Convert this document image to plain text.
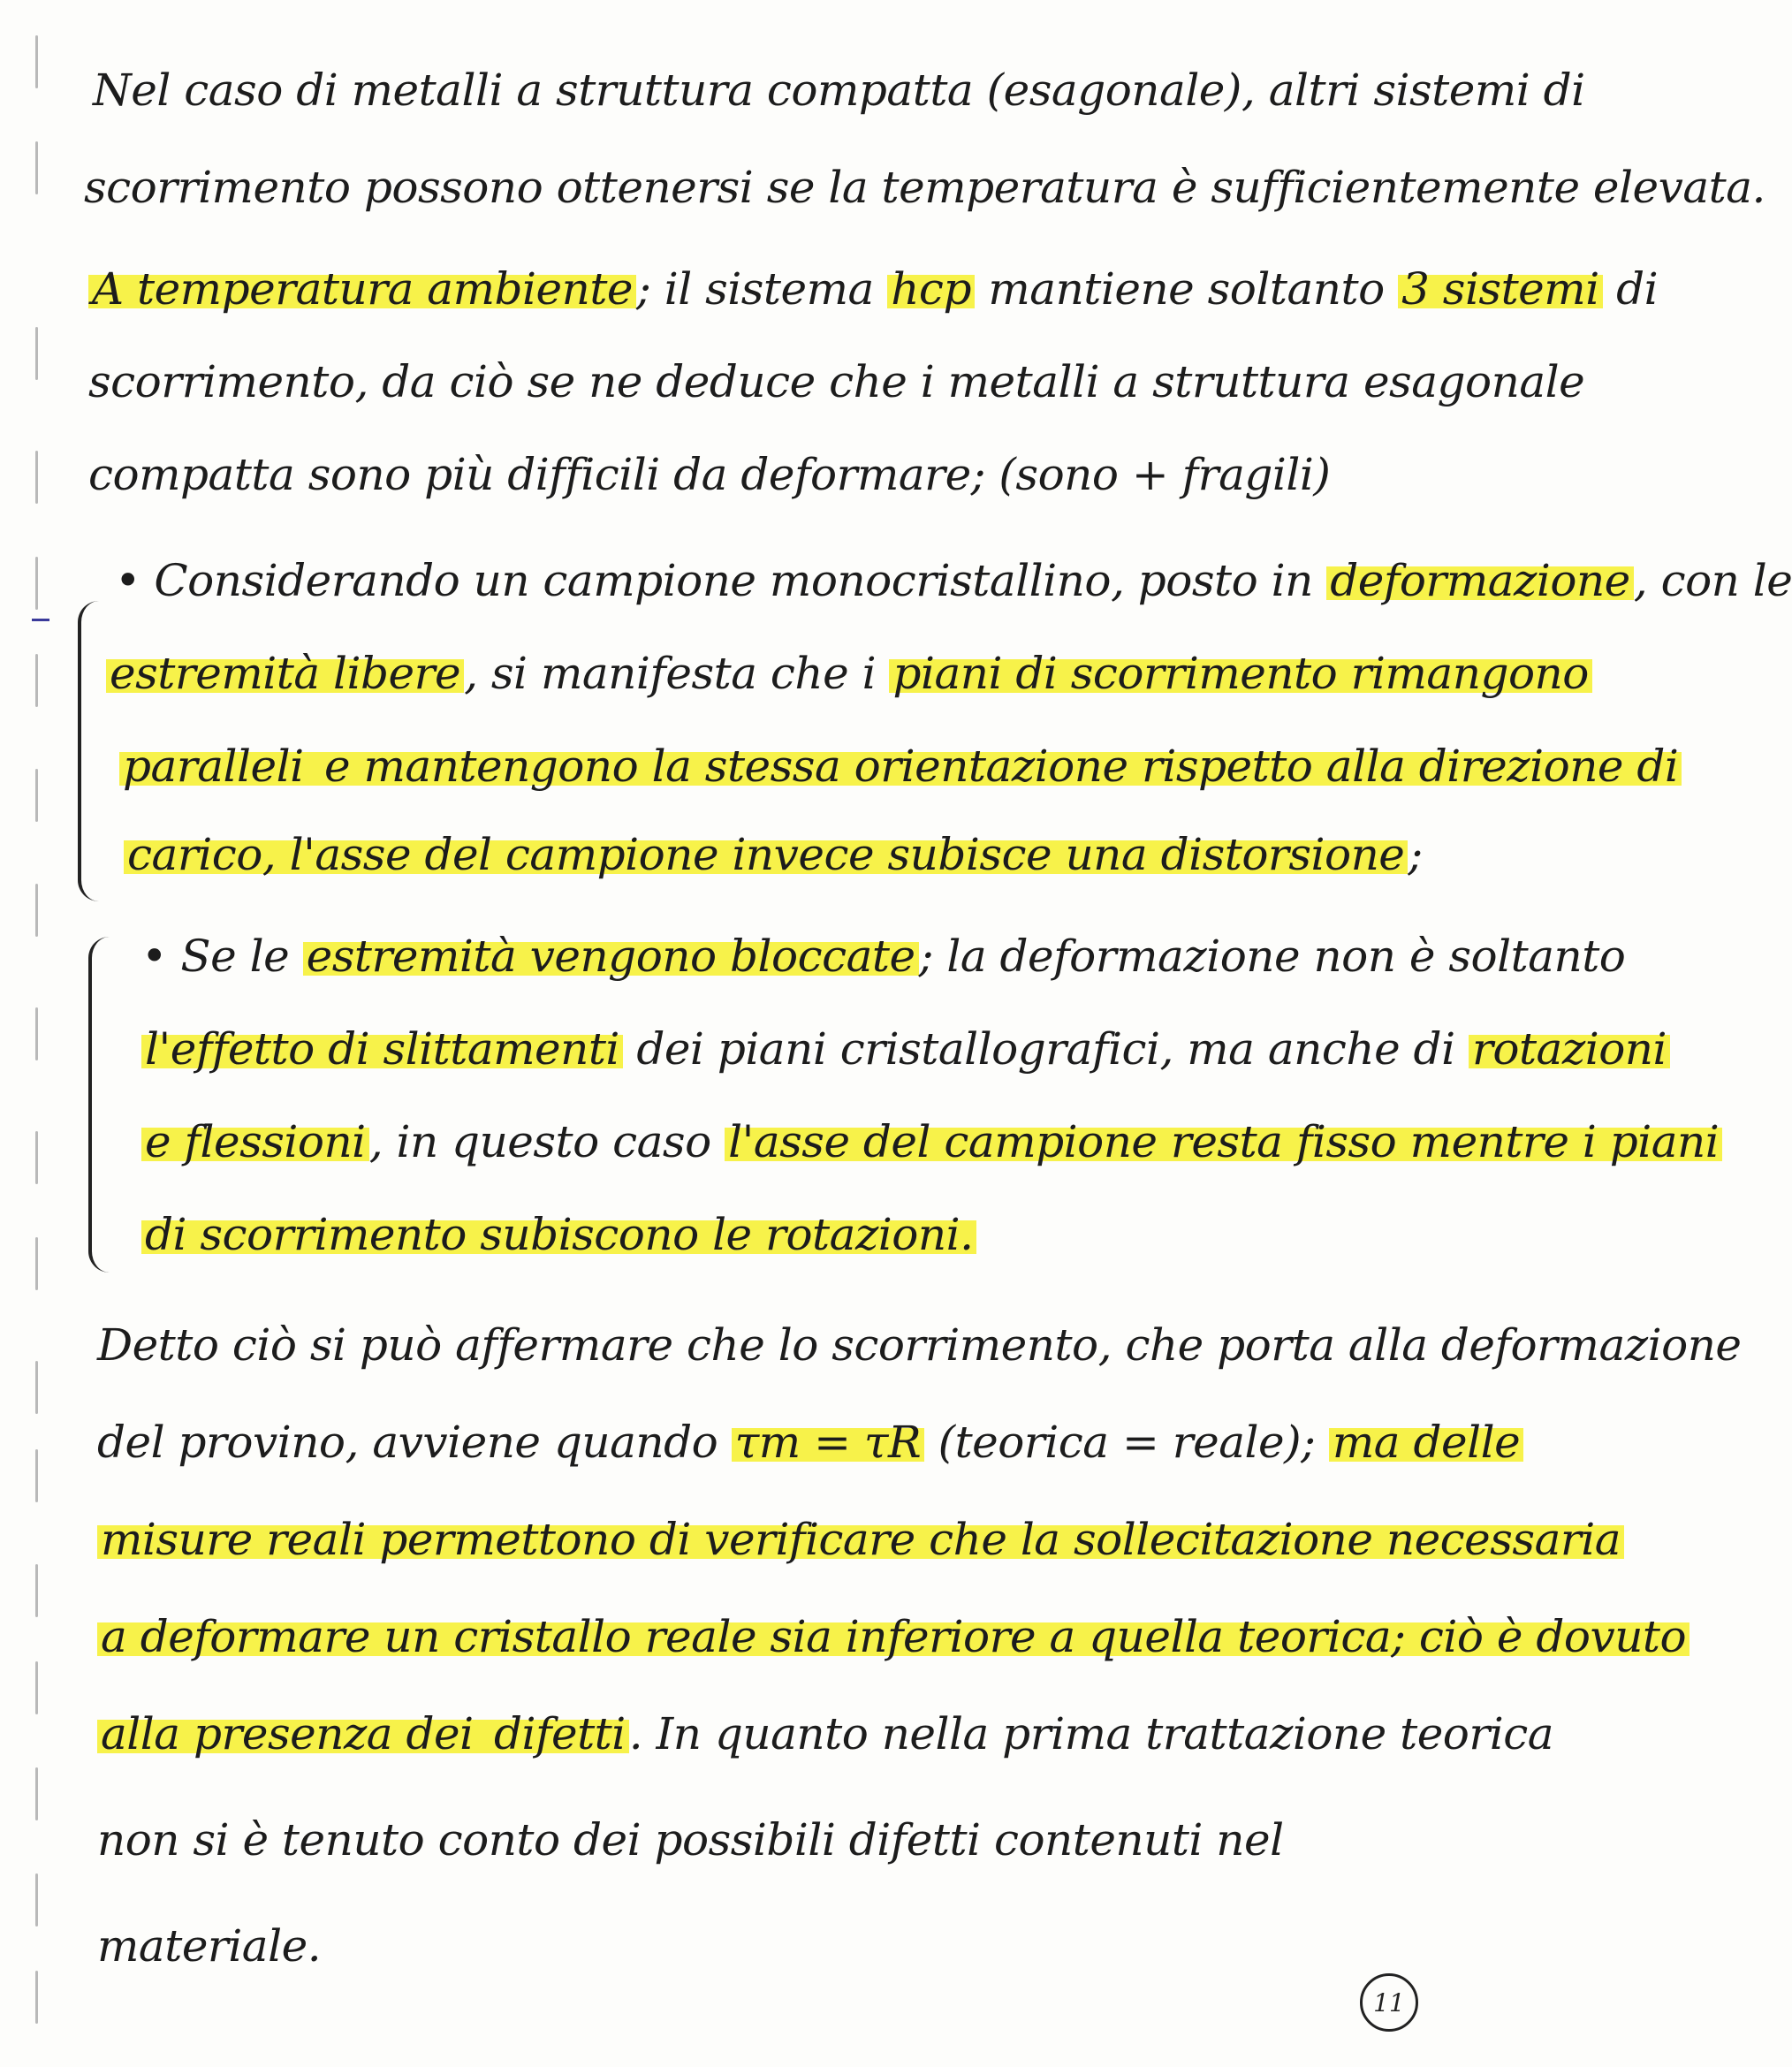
Nel caso di metalli a struttura compatta (esagonale), altri sistemi di
scorrimento possono ottenersi se la temperatura è sufficientemente elevata.
A temperatura ambiente; il sistema hcp mantiene soltanto 3 sistemi di
scorrimento, da ciò se ne deduce che i metalli a struttura esagonale
compatta sono più difficili da deformare; (sono + fragili)
• Considerando un campione monocristallino, posto in deformazione, con le
estremità libere, si manifesta che i piani di scorrimento rimangono
paralleli e mantengono la stessa orientazione rispetto alla direzione di
carico, l'asse del campione invece subisce una distorsione;
• Se le estremità vengono bloccate; la deformazione non è soltanto
l'effetto di slittamenti dei piani cristallografici, ma anche di rotazioni
e flessioni, in questo caso l'asse del campione resta fisso mentre i piani
di scorrimento subiscono le rotazioni.
Detto ciò si può affermare che lo scorrimento, che porta alla deformazione
del provino, avviene quando τm = τR (teorica = reale); ma delle
misure reali permettono di verificare che la sollecitazione necessaria
a deformare un cristallo reale sia inferiore a quella teorica; ciò è dovuto
alla presenza dei difetti. In quanto nella prima trattazione teorica
non si è tenuto conto dei possibili difetti contenuti nel
materiale.
11
